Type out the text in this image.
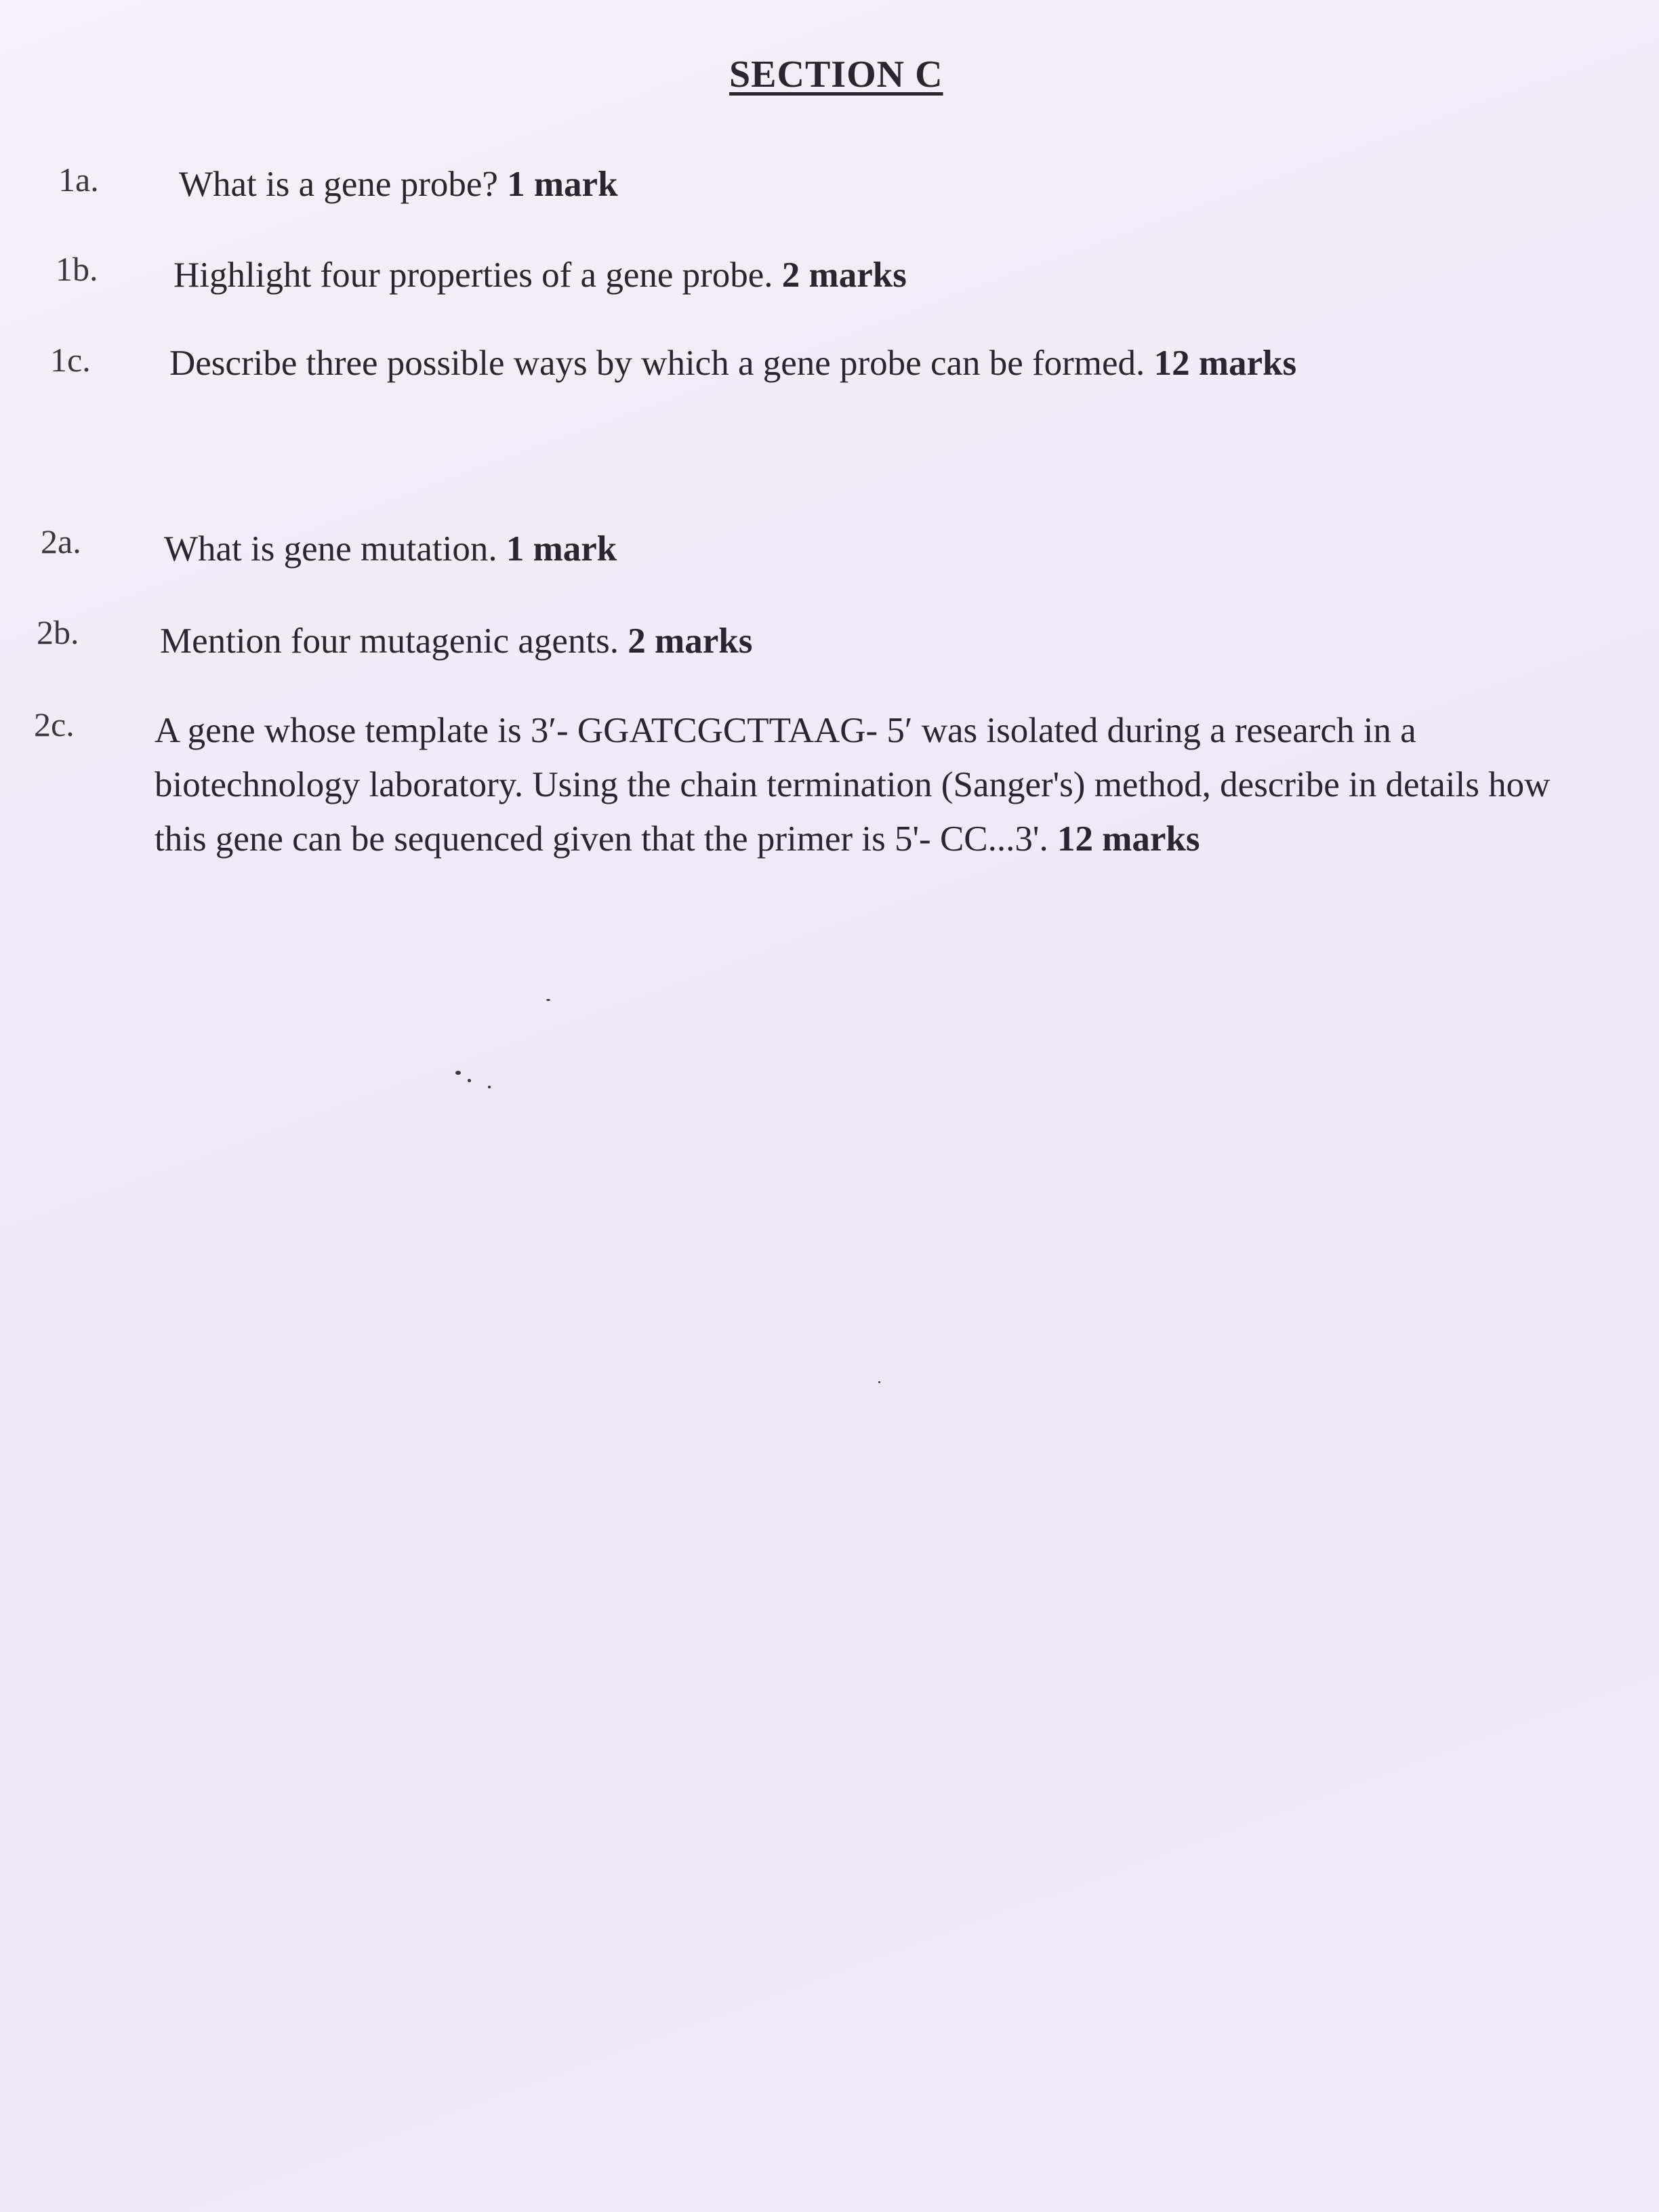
SECTION C
1a. What is a gene probe? 1 mark
1b. Highlight four properties of a gene probe. 2 marks
1c. Describe three possible ways by which a gene probe can be formed. 12 marks
2a. What is gene mutation. 1 mark
2b. Mention four mutagenic agents. 2 marks
2c. A gene whose template is 3′- GGATCGCTTAAG- 5′ was isolated during a research in a biotechnology laboratory. Using the chain termination (Sanger's) method, describe in details how this gene can be sequenced given that the primer is 5'- CC...3'. 12 marks
